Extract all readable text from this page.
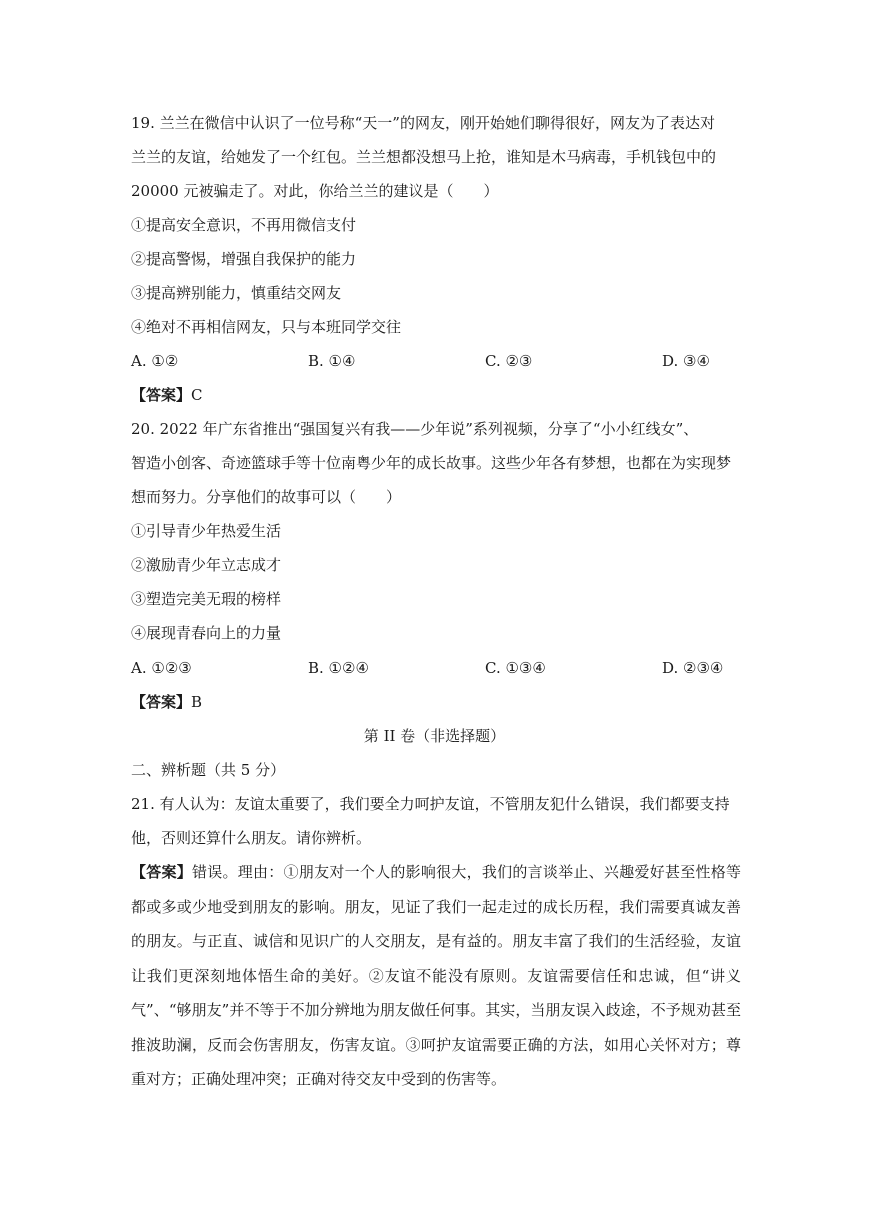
19. 兰兰在微信中认识了一位号称“天一”的网友，刚开始她们聊得很好，网友为了表达对
兰兰的友谊，给她发了一个红包。兰兰想都没想马上抢，谁知是木马病毒，手机钱包中的
20000 元被骗走了。对此，你给兰兰的建议是（　　）
①提高安全意识，不再用微信支付
②提高警惕，增强自我保护的能力
③提高辨别能力，慎重结交网友
④绝对不再相信网友，只与本班同学交往
A. ①②	B. ①④	C. ②③	D. ③④
【答案】C
20. 2022 年广东省推出“强国复兴有我——少年说”系列视频，分享了“小小红线女”、
智造小创客、奇迹篮球手等十位南粤少年的成长故事。这些少年各有梦想，也都在为实现梦
想而努力。分享他们的故事可以（　　）
①引导青少年热爱生活
②激励青少年立志成才
③塑造完美无瑕的榜样
④展现青春向上的力量
A. ①②③	B. ①②④	C. ①③④	D. ②③④
【答案】B
第 II 卷（非选择题）
二、辨析题（共 5 分）
21. 有人认为：友谊太重要了，我们要全力呵护友谊，不管朋友犯什么错误，我们都要支持
他，否则还算什么朋友。请你辨析。
【答案】错误。理由：①朋友对一个人的影响很大，我们的言谈举止、兴趣爱好甚至性格等都或多或少地受到朋友的影响。朋友，见证了我们一起走过的成长历程，我们需要真诚友善的朋友。与正直、诚信和见识广的人交朋友，是有益的。朋友丰富了我们的生活经验，友谊让我们更深刻地体悟生命的美好。②友谊不能没有原则。友谊需要信任和忠诚，但“讲义气”、“够朋友”并不等于不加分辨地为朋友做任何事。其实，当朋友误入歧途，不予规劝甚至推波助澜，反而会伤害朋友，伤害友谊。③呵护友谊需要正确的方法，如用心关怀对方；尊重对方；正确处理冲突；正确对待交友中受到的伤害等。
